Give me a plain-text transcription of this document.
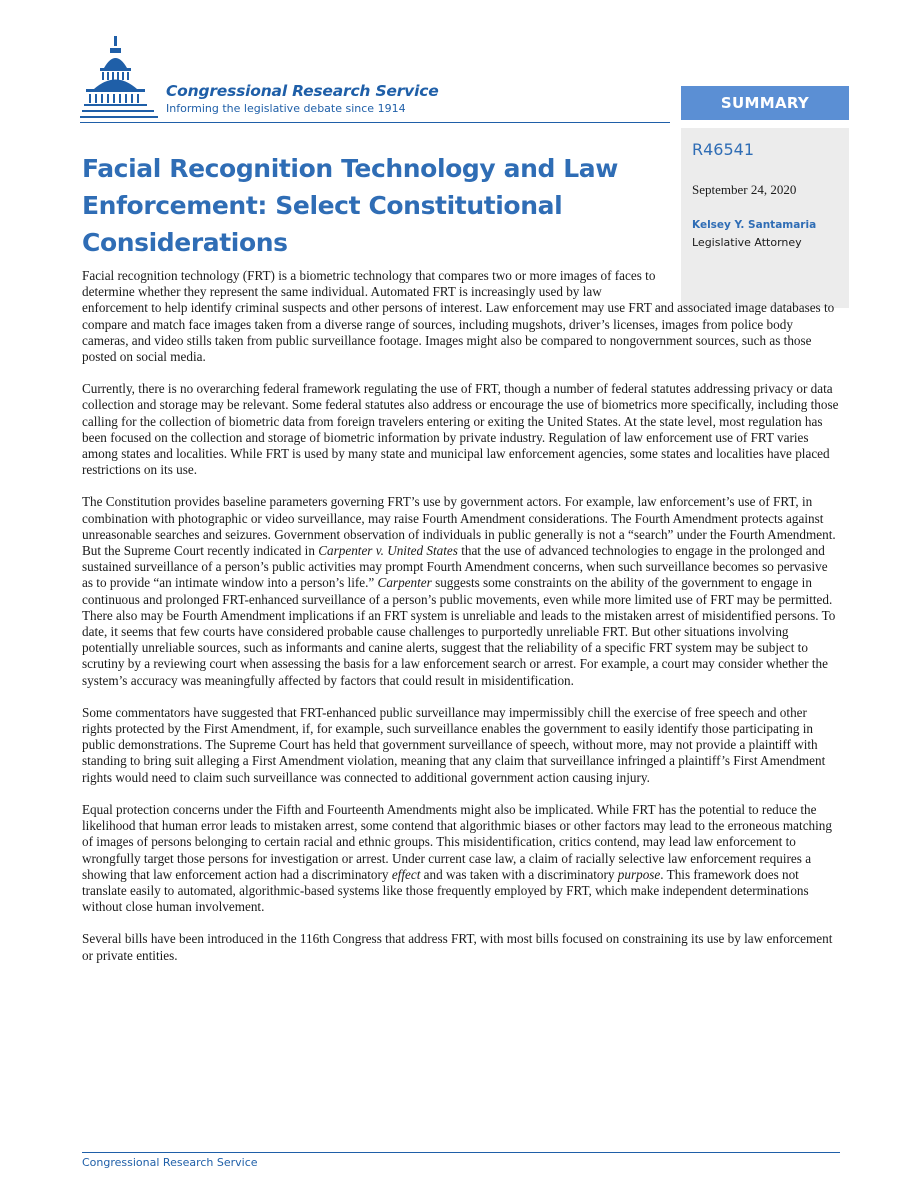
Congressional Research Service
Informing the legislative debate since 1914	SUMMARY
R46541
September 24, 2020
Kelsey Y. Santamaria
Legislative Attorney
Facial Recognition Technology and Law Enforcement: Select Constitutional Considerations

Facial recognition technology (FRT) is a biometric technology that compares two or more images of faces to determine whether they represent the same individual. Automated FRT is increasingly used by law enforcement to help identify criminal suspects and other persons of interest. Law enforcement may use FRT and associated image databases to compare and match face images taken from a diverse range of sources, including mugshots, driver’s licenses, images from police body cameras, and video stills taken from public surveillance footage. Images might also be compared to nongovernment sources, such as those posted on social media.

Currently, there is no overarching federal framework regulating the use of FRT, though a number of federal statutes addressing privacy or data collection and storage may be relevant. Some federal statutes also address or encourage the use of biometrics more specifically, including those calling for the collection of biometric data from foreign travelers entering or exiting the United States. At the state level, most regulation has been focused on the collection and storage of biometric information by private industry. Regulation of law enforcement use of FRT varies among states and localities. While FRT is used by many state and municipal law enforcement agencies, some states and localities have placed restrictions on its use.

The Constitution provides baseline parameters governing FRT’s use by government actors. For example, law enforcement’s use of FRT, in combination with photographic or video surveillance, may raise Fourth Amendment considerations. The Fourth Amendment protects against unreasonable searches and seizures. Government observation of individuals in public generally is not a “search” under the Fourth Amendment. But the Supreme Court recently indicated in Carpenter v. United States that the use of advanced technologies to engage in the prolonged and sustained surveillance of a person’s public activities may prompt Fourth Amendment concerns, when such surveillance becomes so pervasive as to provide “an intimate window into a person’s life.” Carpenter suggests some constraints on the ability of the government to engage in continuous and prolonged FRT-enhanced surveillance of a person’s public movements, even while more limited use of FRT may be permitted. There also may be Fourth Amendment implications if an FRT system is unreliable and leads to the mistaken arrest of misidentified persons. To date, it seems that few courts have considered probable cause challenges to purportedly unreliable FRT. But other situations involving potentially unreliable sources, such as informants and canine alerts, suggest that the reliability of a specific FRT system may be subject to scrutiny by a reviewing court when assessing the basis for a law enforcement search or arrest. For example, a court may consider whether the system’s accuracy was meaningfully affected by factors that could result in misidentification.

Some commentators have suggested that FRT-enhanced public surveillance may impermissibly chill the exercise of free speech and other rights protected by the First Amendment, if, for example, such surveillance enables the government to easily identify those participating in public demonstrations. The Supreme Court has held that government surveillance of speech, without more, may not provide a plaintiff with standing to bring suit alleging a First Amendment violation, meaning that any claim that surveillance infringed a plaintiff’s First Amendment rights would need to claim such surveillance was connected to additional government action causing injury.

Equal protection concerns under the Fifth and Fourteenth Amendments might also be implicated. While FRT has the potential to reduce the likelihood that human error leads to mistaken arrest, some contend that algorithmic biases or other factors may lead to the erroneous matching of images of persons belonging to certain racial and ethnic groups. This misidentification, critics contend, may lead law enforcement to wrongfully target those persons for investigation or arrest. Under current case law, a claim of racially selective law enforcement requires a showing that law enforcement action had a discriminatory effect and was taken with a discriminatory purpose. This framework does not translate easily to automated, algorithmic-based systems like those frequently employed by FRT, which make independent determinations without close human involvement.

Several bills have been introduced in the 116th Congress that address FRT, with most bills focused on constraining its use by law enforcement or private entities.

Congressional Research Service
